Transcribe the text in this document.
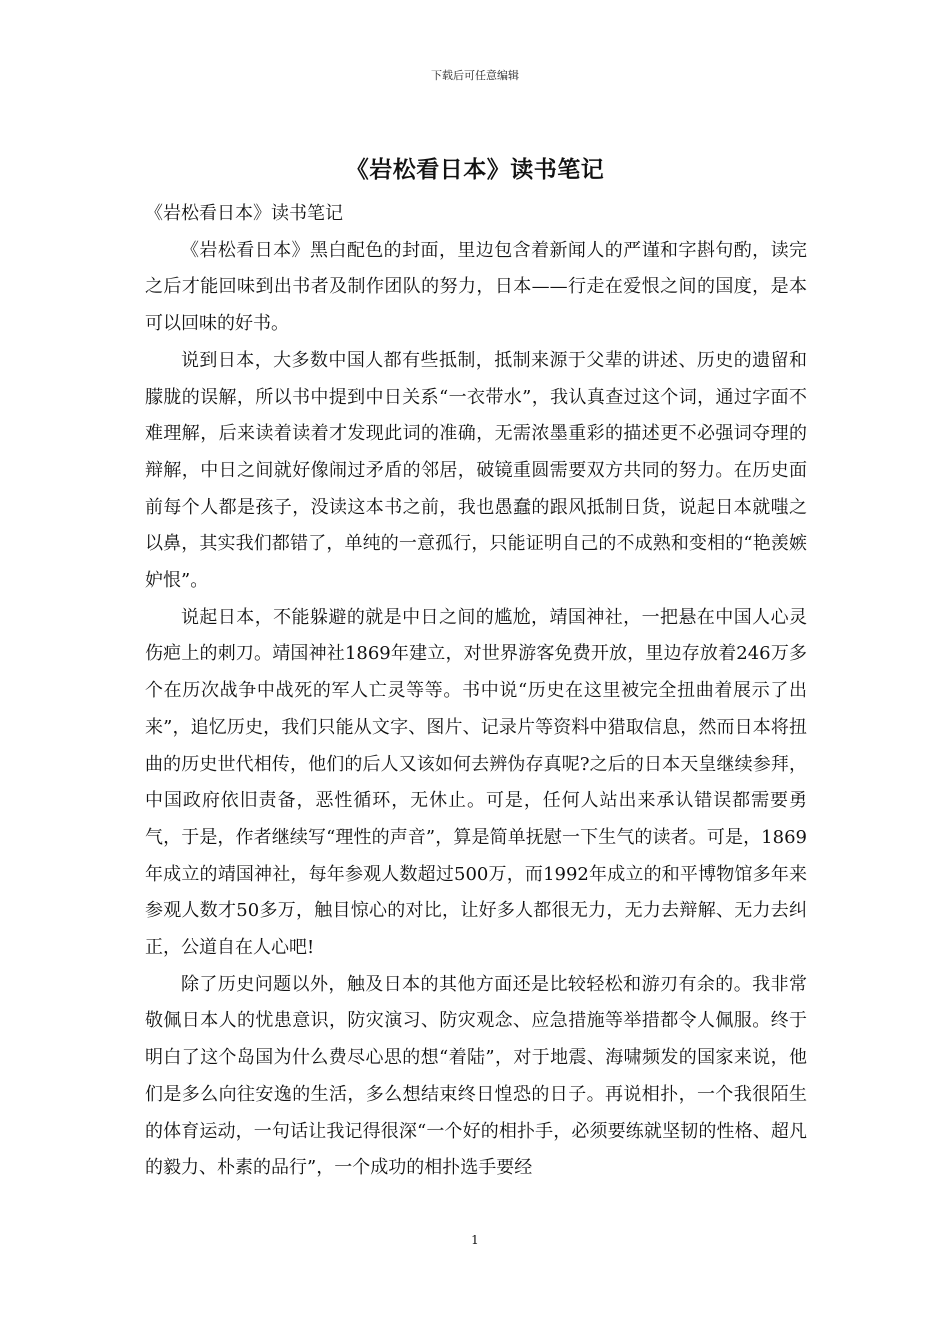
下载后可任意编辑
《岩松看日本》读书笔记

《岩松看日本》读书笔记

《岩松看日本》黑白配色的封面，里边包含着新闻人的严谨和字斟句酌，读完之后才能回味到出书者及制作团队的努力，日本——行走在爱恨之间的国度，是本可以回味的好书。

说到日本，大多数中国人都有些抵制，抵制来源于父辈的讲述、历史的遗留和朦胧的误解，所以书中提到中日关系“一衣带水”，我认真查过这个词，通过字面不难理解，后来读着读着才发现此词的准确，无需浓墨重彩的描述更不必强词夺理的辩解，中日之间就好像闹过矛盾的邻居，破镜重圆需要双方共同的努力。在历史面前每个人都是孩子，没读这本书之前，我也愚蠢的跟风抵制日货，说起日本就嗤之以鼻，其实我们都错了，单纯的一意孤行，只能证明自己的不成熟和变相的“艳羡嫉妒恨”。

说起日本，不能躲避的就是中日之间的尴尬，靖国神社，一把悬在中国人心灵伤疤上的刺刀。靖国神社1869年建立，对世界游客免费开放，里边存放着246万多个在历次战争中战死的军人亡灵等等。书中说“历史在这里被完全扭曲着展示了出来”，追忆历史，我们只能从文字、图片、记录片等资料中猎取信息，然而日本将扭曲的历史世代相传，他们的后人又该如何去辨伪存真呢?之后的日本天皇继续参拜，中国政府依旧责备，恶性循环，无休止。可是，任何人站出来承认错误都需要勇气，于是，作者继续写“理性的声音”，算是简单抚慰一下生气的读者。可是，1869年成立的靖国神社，每年参观人数超过500万，而1992年成立的和平博物馆多年来参观人数才50多万，触目惊心的对比，让好多人都很无力，无力去辩解、无力去纠正，公道自在人心吧!

除了历史问题以外，触及日本的其他方面还是比较轻松和游刃有余的。我非常敬佩日本人的忧患意识，防灾演习、防灾观念、应急措施等举措都令人佩服。终于明白了这个岛国为什么费尽心思的想“着陆”，对于地震、海啸频发的国家来说，他们是多么向往安逸的生活，多么想结束终日惶恐的日子。再说相扑，一个我很陌生的体育运动，一句话让我记得很深“一个好的相扑手，必须要练就坚韧的性格、超凡的毅力、朴素的品行”，一个成功的相扑选手要经

1
